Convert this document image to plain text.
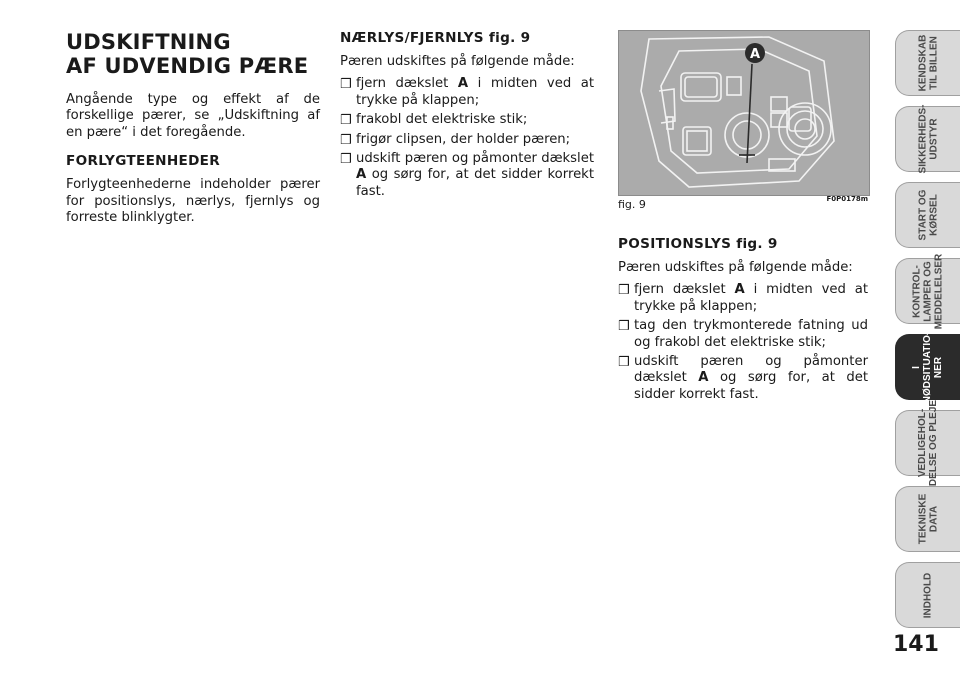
UDSKIFTNING
AF UDVENDIG PÆRE

Angående type og effekt af de forskellige pærer, se „Udskiftning af en pære“ i det foregående.

FORLYGTEENHEDER

Forlygteenhederne indeholder pærer for positionslys, nærlys, fjernlys og forreste blinklygter.

NÆRLYS/FJERNLYS fig. 9

Pæren udskiftes på følgende måde:

❒ fjern dækslet A i midten ved at trykke på klappen;
❒ frakobl det elektriske stik;
❒ frigør clipsen, der holder pæren;
❒ udskift pæren og påmonter dækslet A og sørg for, at det sidder korrekt fast.
A
fig. 9	F0P0178m
POSITIONSLYS fig. 9

Pæren udskiftes på følgende måde:

❒ fjern dækslet A i midten ved at trykke på klappen;
❒ tag den trykmonterede fatning ud og frakobl det elektriske stik;
❒ udskift pæren og påmonter dækslet A og sørg for, at det sidder korrekt fast.
KENDSKAB
TIL BILLEN
SIKKERHEDS-
UDSTYR
START OG
KØRSEL
KONTROL-
LAMPER OG
MEDDELELSER
I
NØDSITUATIO-
NER
VEDLIGEHOL-
DELSE OG PLEJE
TEKNISKE
DATA
INDHOLD
141
